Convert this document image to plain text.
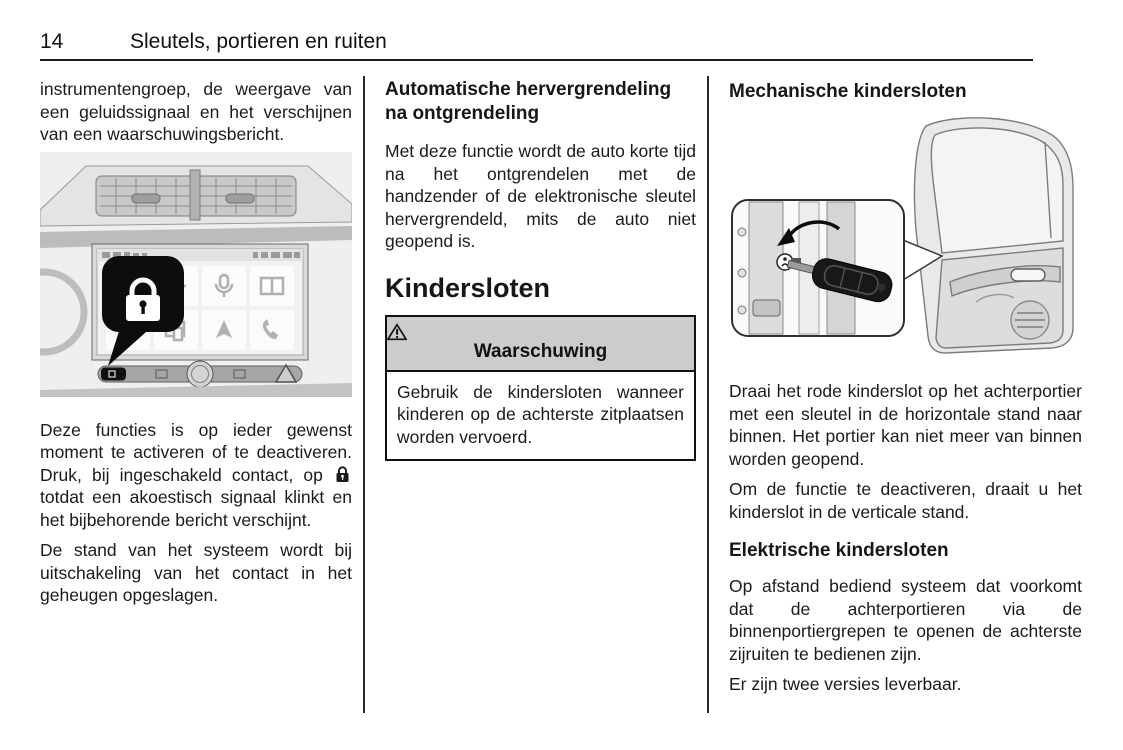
14	Sleutels, portieren en ruiten

instrumentengroep, de weergave van een geluidssignaal en het verschijnen van een waarschuwingsbericht.

Deze functies is op ieder gewenst moment te activeren of te deactiveren. Druk, bij ingeschakeld contact, op  totdat een akoestisch signaal klinkt en het bijbehorende bericht verschijnt.

De stand van het systeem wordt bij uitschakeling van het contact in het geheugen opgeslagen.

Automatische hervergrendeling na ontgrendeling

Met deze functie wordt de auto korte tijd na het ontgrendelen met de handzender of de elektronische sleutel hervergrendeld, mits de auto niet geopend is.

Kindersloten
Waarschuwing

Gebruik de kindersloten wanneer kinderen op de achterste zitplaatsen worden vervoerd.

Mechanische kindersloten

Draai het rode kinderslot op het achterportier met een sleutel in de horizontale stand naar binnen. Het portier kan niet meer van binnen worden geopend.

Om de functie te deactiveren, draait u het kinderslot in de verticale stand.

Elektrische kindersloten

Op afstand bediend systeem dat voorkomt dat de achterportieren via de binnenportiergrepen te openen de achterste zijruiten te bedienen zijn.

Er zijn twee versies leverbaar.
